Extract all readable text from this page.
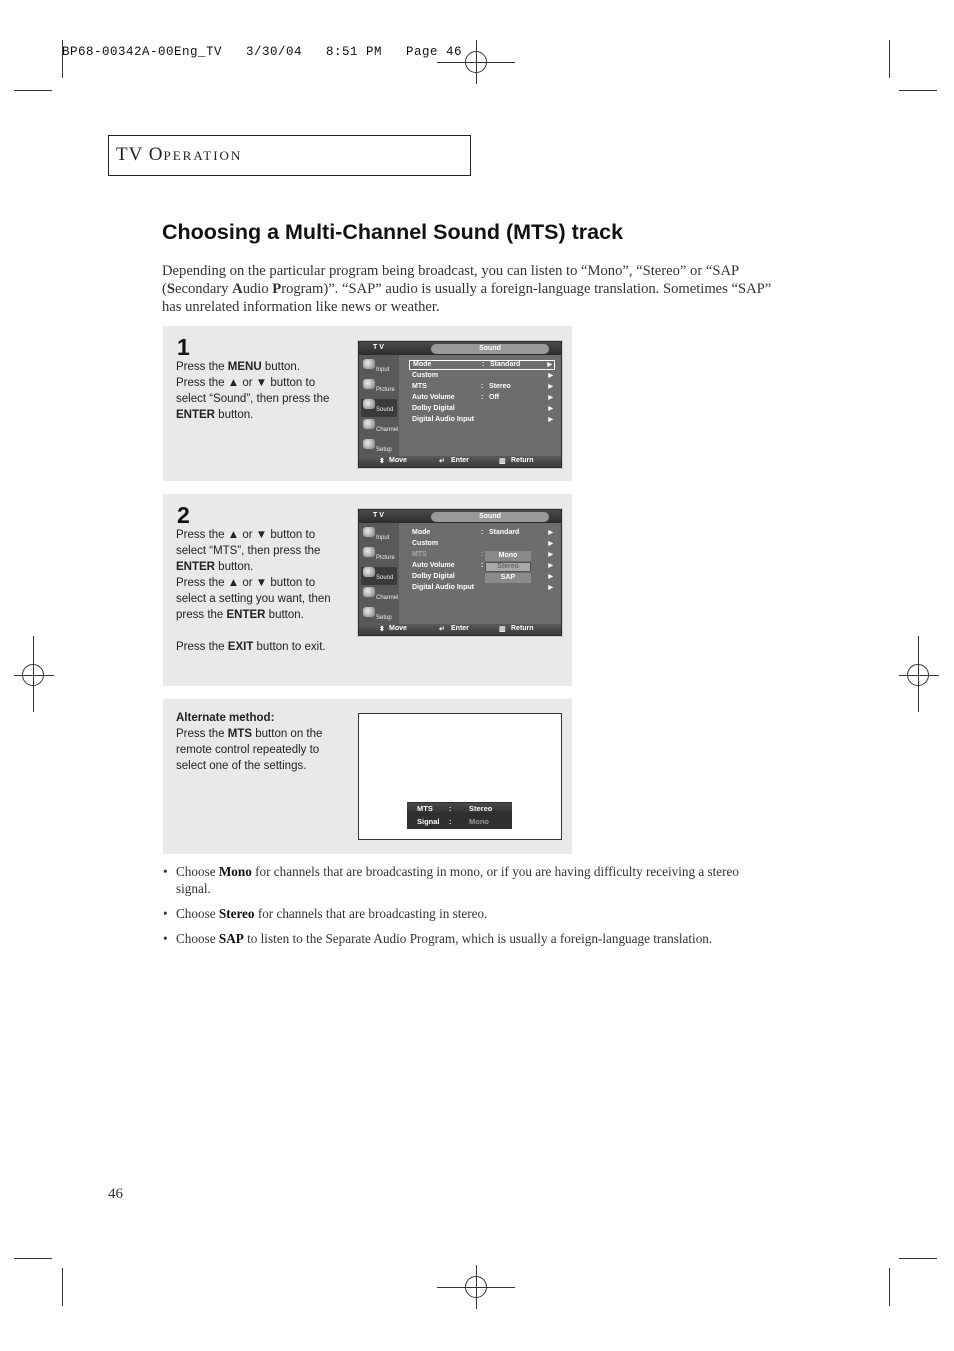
BP68-00342A-00Eng_TV   3/30/04   8:51 PM   Page 46
TV OPERATION
Choosing a Multi-Channel Sound (MTS) track
Depending on the particular program being broadcast, you can listen to “Mono”, “Stereo” or “SAP (Secondary Audio Program)”. “SAP” audio is usually a foreign-language translation. Sometimes “SAP” has unrelated information like news or weather.
1
Press the MENU button.
Press the ▲ or ▼ button to select “Sound”, then press the ENTER button.
T V	Sound
Input
Picture
Sound
Channel
Setup
Mode	: Standard	▶
Custom	▶
MTS	: Stereo	▶
Auto Volume	: Off	▶
Dolby Digital	▶
Digital Audio Input	▶
⬍ Move	↵ Enter	▥ Return
2
Press the ▲ or ▼ button to select “MTS”, then press the ENTER button.
Press the ▲ or ▼ button to select a setting you want, then press the ENTER button.

Press the EXIT button to exit.
T V	Sound
Input
Picture
Sound
Channel
Setup
Mode	: Standard	▶
Custom	▶
MTS	:	▶
Auto Volume	:	▶
Dolby Digital	▶
Digital Audio Input	▶
Mono
Stereo
SAP
⬍ Move	↵ Enter	▥ Return
Alternate method:
Press the MTS button on the remote control repeatedly to select one of the settings.
MTS : Stereo
Signal : Mono
• Choose Mono for channels that are broadcasting in mono, or if you are having difficulty receiving a stereo signal.
• Choose Stereo for channels that are broadcasting in stereo.
• Choose SAP to listen to the Separate Audio Program, which is usually a foreign-language translation.
46
